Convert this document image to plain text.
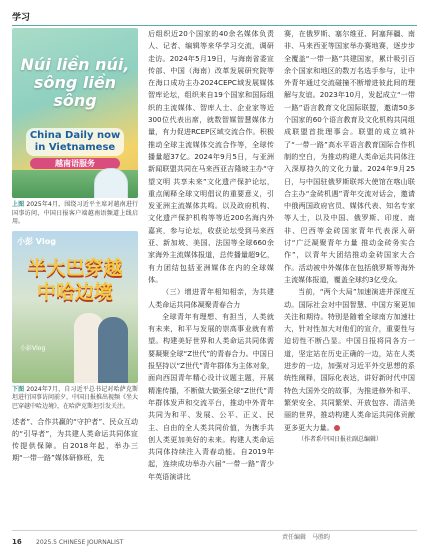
学习
Núi liền núi,
sông liền sông
China Daily now in Vietnamese
越南语服务
上图 2025年4月，围绕习近平主席对越南进行国事访问，中国日报客户端越南语频道上线启用。
小彭 Vlog
半大巴穿越
中哈边境
小彭Vlog
下图 2024年7月，自习近平总书记对哈萨克斯坦进行国事访问前夕，中国日报推出视频《坐大巴穿越中哈边境》，在哈萨克斯坦引发关注。

述者”、合作共赢的“守护者”、民众互动的“引导者”，为共建人类命运共同体宣传提供保障。自2018年起，举办三期“一带一路”媒体研修班，先

后组织近20个国家的40余名媒体负责人、记者、编辑等来华学习交流，调研走访。2024年5月19日，与海南省委宣传部、中国（海南）改革发展研究院等在海口成功主办2024CEPC域发展媒体智库论坛，组织来自19个国家和国际组织的主流媒体、智库人士、企业家等近300位代表出席，就数智媒智慧媒体力量，有力促进RCEP区域交流合作。积极推动全球主流媒体交流合作等，全球传播量超37亿。2024年9月5日，与亚洲新闻联盟共同在马来西亚吉隆坡主办“守望文明 共享未来”文化遗产保护论坛，重点阐释全球文明倡议的重要意义，引发亚洲主流媒体共鸣。以及政府机构、文化遗产保护机构等等近200名海内外嘉宾，参与论坛，收获论坛受到马来西亚、新加坡、美国、法国等全球660余家海外主流媒体报道，总传播量超9亿，有力团结包括亚洲媒体在内的全球媒体。

（三）增进青年相知相亲，为共建人类命运共同体凝聚青春合力

全球青年有理想、有担当，人类就有未来，和平与发展的崇高事业就有希望。构建美好世界和人类命运共同体需要凝聚全球“Z世代”的青春合力。中国日报坚持以“Z世代”青年群体为主体对象，面向西国青年精心设计议题主题，开展精准传播，不断做大做强全球“Z世代”青年群体发声和交流平台，推动中外青年共同为和平、发展、公平、正义、民主、自由的全人类共同价值，为携手共创人类更加美好的未来。构建人类命运共同体持续注入青春动能。自2019年起，连续成功举办六届“一带一路”青少年英语演讲比

赛，在俄罗斯、塞尔维亚、阿塞拜疆、南非、马来西亚等国家举办赛地赛，逐步步全覆盖“一带一路”共建国家，累计吸引百余个国家和地区的数万名选手参与，让中外青年通过交流碰撞不断增进彼此间的理解与友谊。2023年10月，发起成立“一带一路”语言教育文化国际联盟，邀请50多个国家的60个语言教育及文化机构共同组成联盟首批理事会。联盟的成立填补了“一带一路”高水平语言教育国际合作机制的空白，为推动构建人类命运共同体注入深厚持久的文化力量。2024年9月25日，与中国驻俄罗斯联邦大使馆在喀山联合主办“金砖机遇”青年交流对话会，邀请中俄两国政府官员、媒体代表、知名专家等人士，以及中国、俄罗斯、印度、南非、巴西等金砖国家青年代表深入研讨“广泛凝聚青年力量 推动金砖务实合作”，以青年大团结推动金砖国家大合作。活动被中外媒体在包括俄罗斯等海外主流媒体报道，覆盖全球约3亿受众。

当前，“两个大局”加速演进并深度互动。国际社会对中国智慧、中国方案更加关注和期待。特别是随着全球南方加速壮大，针对性加大对他们的宣介，重要性与迫切性不断凸显。中国日报将同各方一道，坚定站在历史正确的一边，站在人类进步的一边，加强对习近平外交思想的系统性阐释，国际化表达，讲好新时代中国特色大国外交的故事，为推进修外和平、繁荣安全、共同繁荣、开放包容、清洁美丽的世界，推动构建人类命运共同体贡献更多更大力量。

（作者系中国日报社副总编辑）

16 2025.5 CHINESE JOURNALIST
责任编辑　马胜昀
